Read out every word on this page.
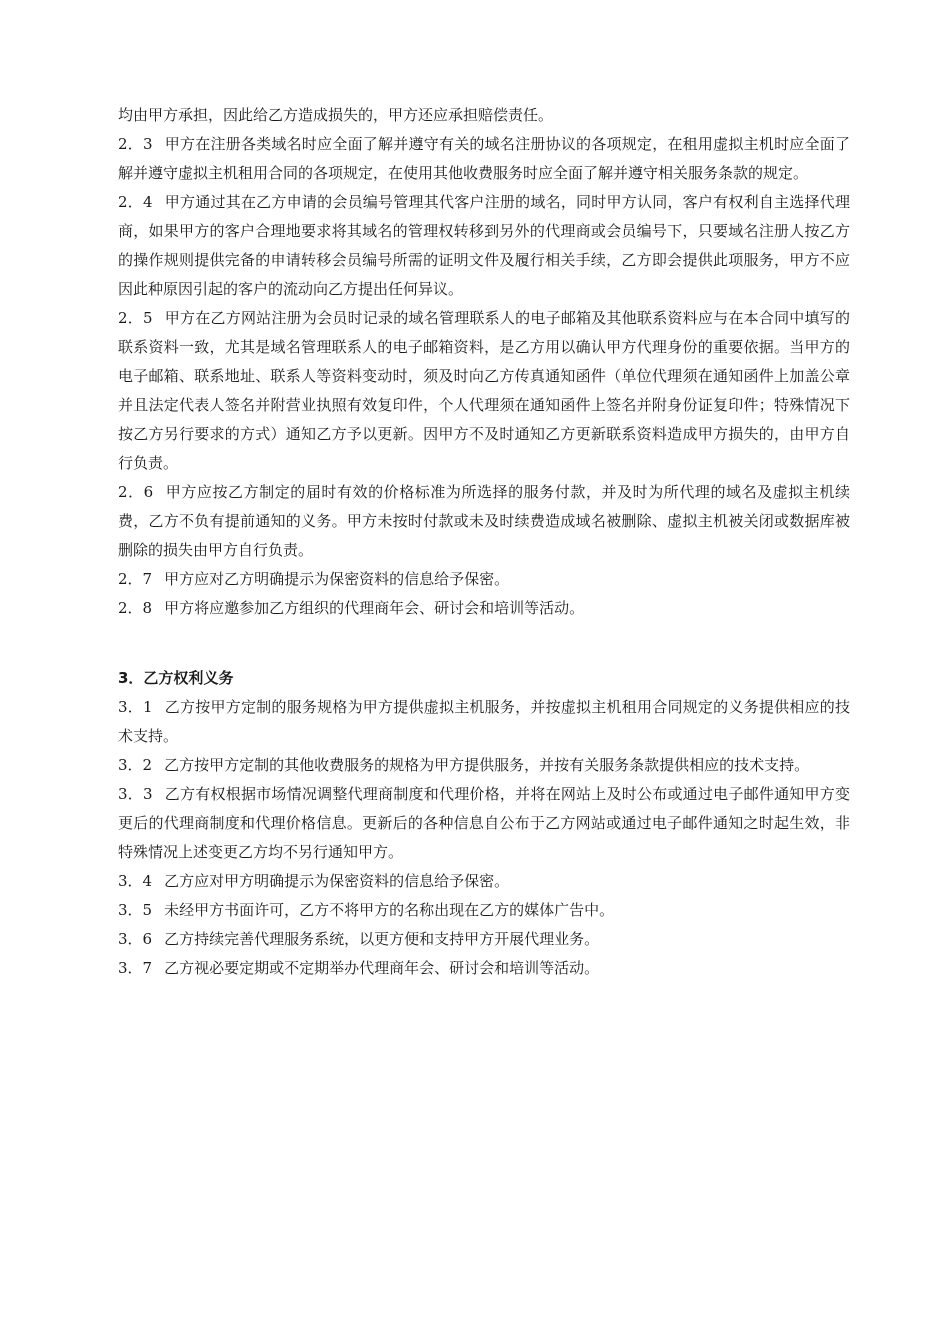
均由甲方承担，因此给乙方造成损失的，甲方还应承担赔偿责任。

2．3 甲方在注册各类域名时应全面了解并遵守有关的域名注册协议的各项规定，在租用虚拟主机时应全面了解并遵守虚拟主机租用合同的各项规定，在使用其他收费服务时应全面了解并遵守相关服务条款的规定。

2．4 甲方通过其在乙方申请的会员编号管理其代客户注册的域名，同时甲方认同，客户有权利自主选择代理商，如果甲方的客户合理地要求将其域名的管理权转移到另外的代理商或会员编号下，只要域名注册人按乙方的操作规则提供完备的申请转移会员编号所需的证明文件及履行相关手续，乙方即会提供此项服务，甲方不应因此种原因引起的客户的流动向乙方提出任何异议。

2．5 甲方在乙方网站注册为会员时记录的域名管理联系人的电子邮箱及其他联系资料应与在本合同中填写的联系资料一致，尤其是域名管理联系人的电子邮箱资料，是乙方用以确认甲方代理身份的重要依据。当甲方的电子邮箱、联系地址、联系人等资料变动时，须及时向乙方传真通知函件（单位代理须在通知函件上加盖公章并且法定代表人签名并附营业执照有效复印件，个人代理须在通知函件上签名并附身份证复印件；特殊情况下按乙方另行要求的方式）通知乙方予以更新。因甲方不及时通知乙方更新联系资料造成甲方损失的，由甲方自行负责。

2．6 甲方应按乙方制定的届时有效的价格标准为所选择的服务付款，并及时为所代理的域名及虚拟主机续费，乙方不负有提前通知的义务。甲方未按时付款或未及时续费造成域名被删除、虚拟主机被关闭或数据库被删除的损失由甲方自行负责。

2．7 甲方应对乙方明确提示为保密资料的信息给予保密。

2．8 甲方将应邀参加乙方组织的代理商年会、研讨会和培训等活动。

3．乙方权利义务

3．1 乙方按甲方定制的服务规格为甲方提供虚拟主机服务，并按虚拟主机租用合同规定的义务提供相应的技术支持。

3．2 乙方按甲方定制的其他收费服务的规格为甲方提供服务，并按有关服务条款提供相应的技术支持。

3．3 乙方有权根据市场情况调整代理商制度和代理价格，并将在网站上及时公布或通过电子邮件通知甲方变更后的代理商制度和代理价格信息。更新后的各种信息自公布于乙方网站或通过电子邮件通知之时起生效，非特殊情况上述变更乙方均不另行通知甲方。

3．4 乙方应对甲方明确提示为保密资料的信息给予保密。

3．5 未经甲方书面许可，乙方不将甲方的名称出现在乙方的媒体广告中。

3．6 乙方持续完善代理服务系统，以更方便和支持甲方开展代理业务。

3．7 乙方视必要定期或不定期举办代理商年会、研讨会和培训等活动。
